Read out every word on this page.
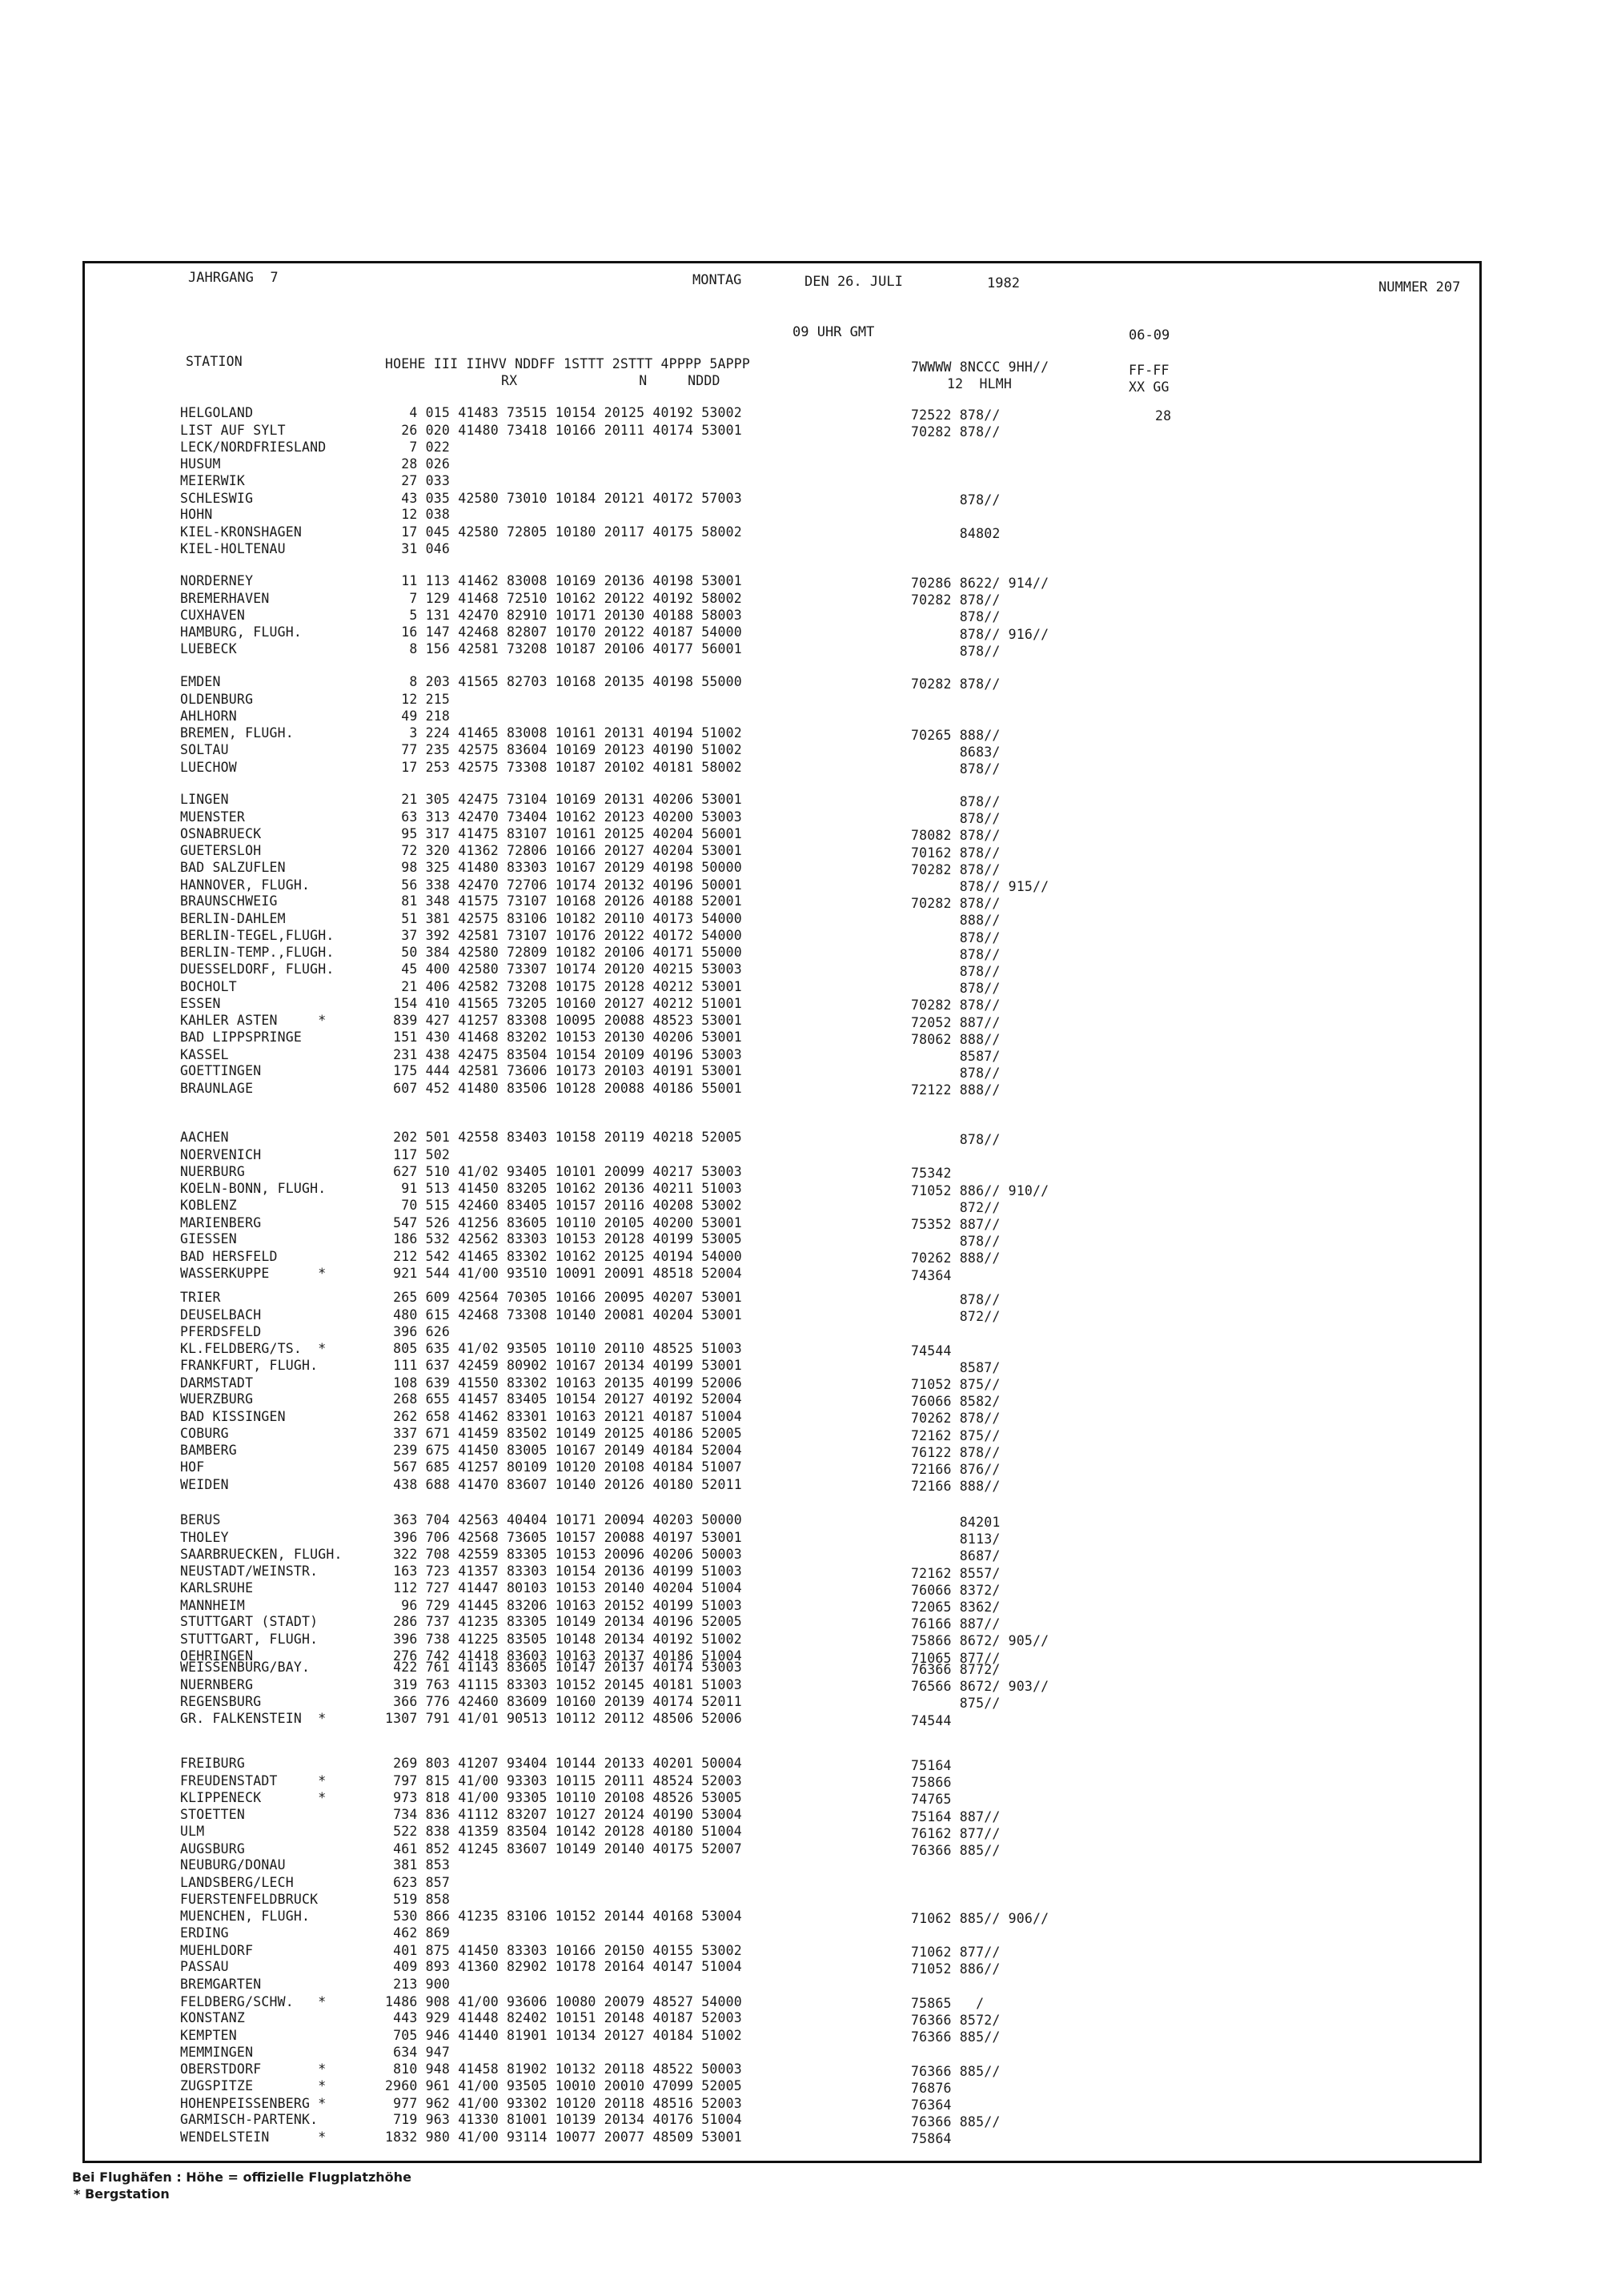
JAHRGANG  7	MONTAG	DEN 26. JULI	1982	NUMMER 207
09 UHR GMT	06-09
STATION	HOEHE III IIHVV NDDFF 1STTT 2STTT 4PPPP 5APPP
RX               N     NDDD
7WWWW 8NCCC 9HH//
12  HLMH
FF-FF
XX GG
HELGOLAND	4 015 41483 73515 10154 20125 40192 53002	72522 878//	28
LIST AUF SYLT	26 020 41480 73418 10166 20111 40174 53001	70282 878//
LECK/NORDFRIESLAND	7 022
HUSUM	28 026
MEIERWIK	27 033
SCHLESWIG	43 035 42580 73010 10184 20121 40172 57003	878//
HOHN	12 038
KIEL-KRONSHAGEN	17 045 42580 72805 10180 20117 40175 58002	84802
KIEL-HOLTENAU	31 046
NORDERNEY	11 113 41462 83008 10169 20136 40198 53001	70286 8622/ 914//
BREMERHAVEN	7 129 41468 72510 10162 20122 40192 58002	70282 878//
CUXHAVEN	5 131 42470 82910 10171 20130 40188 58003	878//
HAMBURG, FLUGH.	16 147 42468 82807 10170 20122 40187 54000	878// 916//
LUEBECK	8 156 42581 73208 10187 20106 40177 56001	878//
EMDEN	8 203 41565 82703 10168 20135 40198 55000	70282 878//
OLDENBURG	12 215
AHLHORN	49 218
BREMEN, FLUGH.	3 224 41465 83008 10161 20131 40194 51002	70265 888//
SOLTAU	77 235 42575 83604 10169 20123 40190 51002	8683/
LUECHOW	17 253 42575 73308 10187 20102 40181 58002	878//
LINGEN	21 305 42475 73104 10169 20131 40206 53001	878//
MUENSTER	63 313 42470 73404 10162 20123 40200 53003	878//
OSNABRUECK	95 317 41475 83107 10161 20125 40204 56001	78082 878//
GUETERSLOH	72 320 41362 72806 10166 20127 40204 53001	70162 878//
BAD SALZUFLEN	98 325 41480 83303 10167 20129 40198 50000	70282 878//
HANNOVER, FLUGH.	56 338 42470 72706 10174 20132 40196 50001	878// 915//
BRAUNSCHWEIG	81 348 41575 73107 10168 20126 40188 52001	70282 878//
BERLIN-DAHLEM	51 381 42575 83106 10182 20110 40173 54000	888//
BERLIN-TEGEL,FLUGH.	37 392 42581 73107 10176 20122 40172 54000	878//
BERLIN-TEMP.,FLUGH.	50 384 42580 72809 10182 20106 40171 55000	878//
DUESSELDORF, FLUGH.	45 400 42580 73307 10174 20120 40215 53003	878//
BOCHOLT	21 406 42582 73208 10175 20128 40212 53001	878//
ESSEN	154 410 41565 73205 10160 20127 40212 51001	70282 878//
KAHLER ASTEN     *	839 427 41257 83308 10095 20088 48523 53001	72052 887//
BAD LIPPSPRINGE	151 430 41468 83202 10153 20130 40206 53001	78062 888//
KASSEL	231 438 42475 83504 10154 20109 40196 53003	8587/
GOETTINGEN	175 444 42581 73606 10173 20103 40191 53001	878//
BRAUNLAGE	607 452 41480 83506 10128 20088 40186 55001	72122 888//
AACHEN	202 501 42558 83403 10158 20119 40218 52005	878//
NOERVENICH	117 502
NUERBURG	627 510 41/02 93405 10101 20099 40217 53003	75342
KOELN-BONN, FLUGH.	91 513 41450 83205 10162 20136 40211 51003	71052 886// 910//
KOBLENZ	70 515 42460 83405 10157 20116 40208 53002	872//
MARIENBERG	547 526 41256 83605 10110 20105 40200 53001	75352 887//
GIESSEN	186 532 42562 83303 10153 20128 40199 53005	878//
BAD HERSFELD	212 542 41465 83302 10162 20125 40194 54000	70262 888//
WASSERKUPPE      *	921 544 41/00 93510 10091 20091 48518 52004	74364
TRIER	265 609 42564 70305 10166 20095 40207 53001	878//
DEUSELBACH	480 615 42468 73308 10140 20081 40204 53001	872//
PFERDSFELD	396 626
KL.FELDBERG/TS.  *	805 635 41/02 93505 10110 20110 48525 51003	74544
FRANKFURT, FLUGH.	111 637 42459 80902 10167 20134 40199 53001	8587/
DARMSTADT	108 639 41550 83302 10163 20135 40199 52006	71052 875//
WUERZBURG	268 655 41457 83405 10154 20127 40192 52004	76066 8582/
BAD KISSINGEN	262 658 41462 83301 10163 20121 40187 51004	70262 878//
COBURG	337 671 41459 83502 10149 20125 40186 52005	72162 875//
BAMBERG	239 675 41450 83005 10167 20149 40184 52004	76122 878//
HOF	567 685 41257 80109 10120 20108 40184 51007	72166 876//
WEIDEN	438 688 41470 83607 10140 20126 40180 52011	72166 888//
BERUS	363 704 42563 40404 10171 20094 40203 50000	84201
THOLEY	396 706 42568 73605 10157 20088 40197 53001	8113/
SAARBRUECKEN, FLUGH.	322 708 42559 83305 10153 20096 40206 50003	8687/
NEUSTADT/WEINSTR.	163 723 41357 83303 10154 20136 40199 51003	72162 8557/
KARLSRUHE	112 727 41447 80103 10153 20140 40204 51004	76066 8372/
MANNHEIM	96 729 41445 83206 10163 20152 40199 51003	72065 8362/
STUTTGART (STADT)	286 737 41235 83305 10149 20134 40196 52005	76166 887//
STUTTGART, FLUGH.	396 738 41225 83505 10148 20134 40192 51002	75866 8672/ 905//
OEHRINGEN	276 742 41418 83603 10163 20137 40186 51004	71065 877//
WEISSENBURG/BAY.	422 761 41143 83605 10147 20137 40174 53003	76366 8772/
NUERNBERG	319 763 41115 83303 10152 20145 40181 51003	76566 8672/ 903//
REGENSBURG	366 776 42460 83609 10160 20139 40174 52011	875//
GR. FALKENSTEIN  *	1307 791 41/01 90513 10112 20112 48506 52006	74544
FREIBURG	269 803 41207 93404 10144 20133 40201 50004	75164
FREUDENSTADT     *	797 815 41/00 93303 10115 20111 48524 52003	75866
KLIPPENECK       *	973 818 41/00 93305 10110 20108 48526 53005	74765
STOETTEN	734 836 41112 83207 10127 20124 40190 53004	75164 887//
ULM	522 838 41359 83504 10142 20128 40180 51004	76162 877//
AUGSBURG	461 852 41245 83607 10149 20140 40175 52007	76366 885//
NEUBURG/DONAU	381 853
LANDSBERG/LECH	623 857
FUERSTENFELDBRUCK	519 858
MUENCHEN, FLUGH.	530 866 41235 83106 10152 20144 40168 53004	71062 885// 906//
ERDING	462 869
MUEHLDORF	401 875 41450 83303 10166 20150 40155 53002	71062 877//
PASSAU	409 893 41360 82902 10178 20164 40147 51004	71052 886//
BREMGARTEN	213 900
FELDBERG/SCHW.   *	1486 908 41/00 93606 10080 20079 48527 54000	75865   /
KONSTANZ	443 929 41448 82402 10151 20148 40187 52003	76366 8572/
KEMPTEN	705 946 41440 81901 10134 20127 40184 51002	76366 885//
MEMMINGEN	634 947
OBERSTDORF       *	810 948 41458 81902 10132 20118 48522 50003	76366 885//
ZUGSPITZE        *	2960 961 41/00 93505 10010 20010 47099 52005	76876
HOHENPEISSENBERG *	977 962 41/00 93302 10120 20118 48516 52003	76364
GARMISCH-PARTENK.	719 963 41330 81001 10139 20134 40176 51004	76366 885//
WENDELSTEIN      *	1832 980 41/00 93114 10077 20077 48509 53001	75864
Bei Flughäfen : Höhe = offizielle Flugplatzhöhe
* Bergstation
